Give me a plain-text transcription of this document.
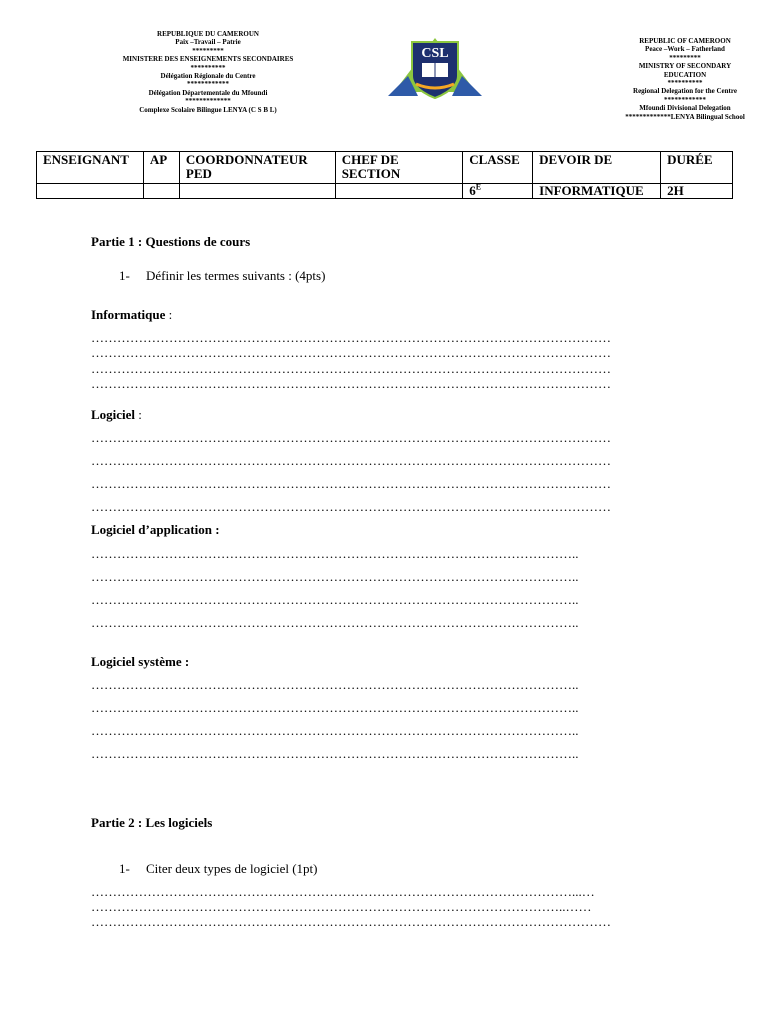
REPUBLIQUE DU CAMEROUN
Paix –Travail – Patrie
*********
MINISTERE DES ENSEIGNEMENTS SECONDAIRES
**********
Délégation Régionale du Centre
************
Délégation Départementale du Mfoundi
*************
Complexe Scolaire Bilingue LENYA (C S B L)
CSL
REPUBLIC OF CAMEROON
Peace –Work – Fatherland
*********
MINISTRY OF SECONDARY
EDUCATION
**********
Regional Delegation for the Centre
************
Mfoundi Divisional Delegation
*************LENYA Bilingual School
ENSEIGNANT	AP	COORDONNATEUR PED	CHEF DE SECTION	CLASSE	DEVOIR DE	DURÉE
				$6^E$	INFORMATIQUE	2H
Partie 1 : Questions de cours
1- Définir les termes suivants : (4pts)
Informatique :
…………………………………………………………………………………………………………
…………………………………………………………………………………………………………
…………………………………………………………………………………………………………
…………………………………………………………………………………………………………
Logiciel :
…………………………………………………………………………………………………………
…………………………………………………………………………………………………………
…………………………………………………………………………………………………………
…………………………………………………………………………………………………………
Logiciel d’application :
…………………………………………………………………………………………………..
…………………………………………………………………………………………………..
…………………………………………………………………………………………………..
…………………………………………………………………………………………………..
Logiciel système :
…………………………………………………………………………………………………..
…………………………………………………………………………………………………..
…………………………………………………………………………………………………..
…………………………………………………………………………………………………..
Partie 2 : Les logiciels
1- Citer deux types de logiciel (1pt)
…………………………………………………………………………………………………...…
………………………………………………………………………………………………..……
…………………………………………………………………………………………………………
